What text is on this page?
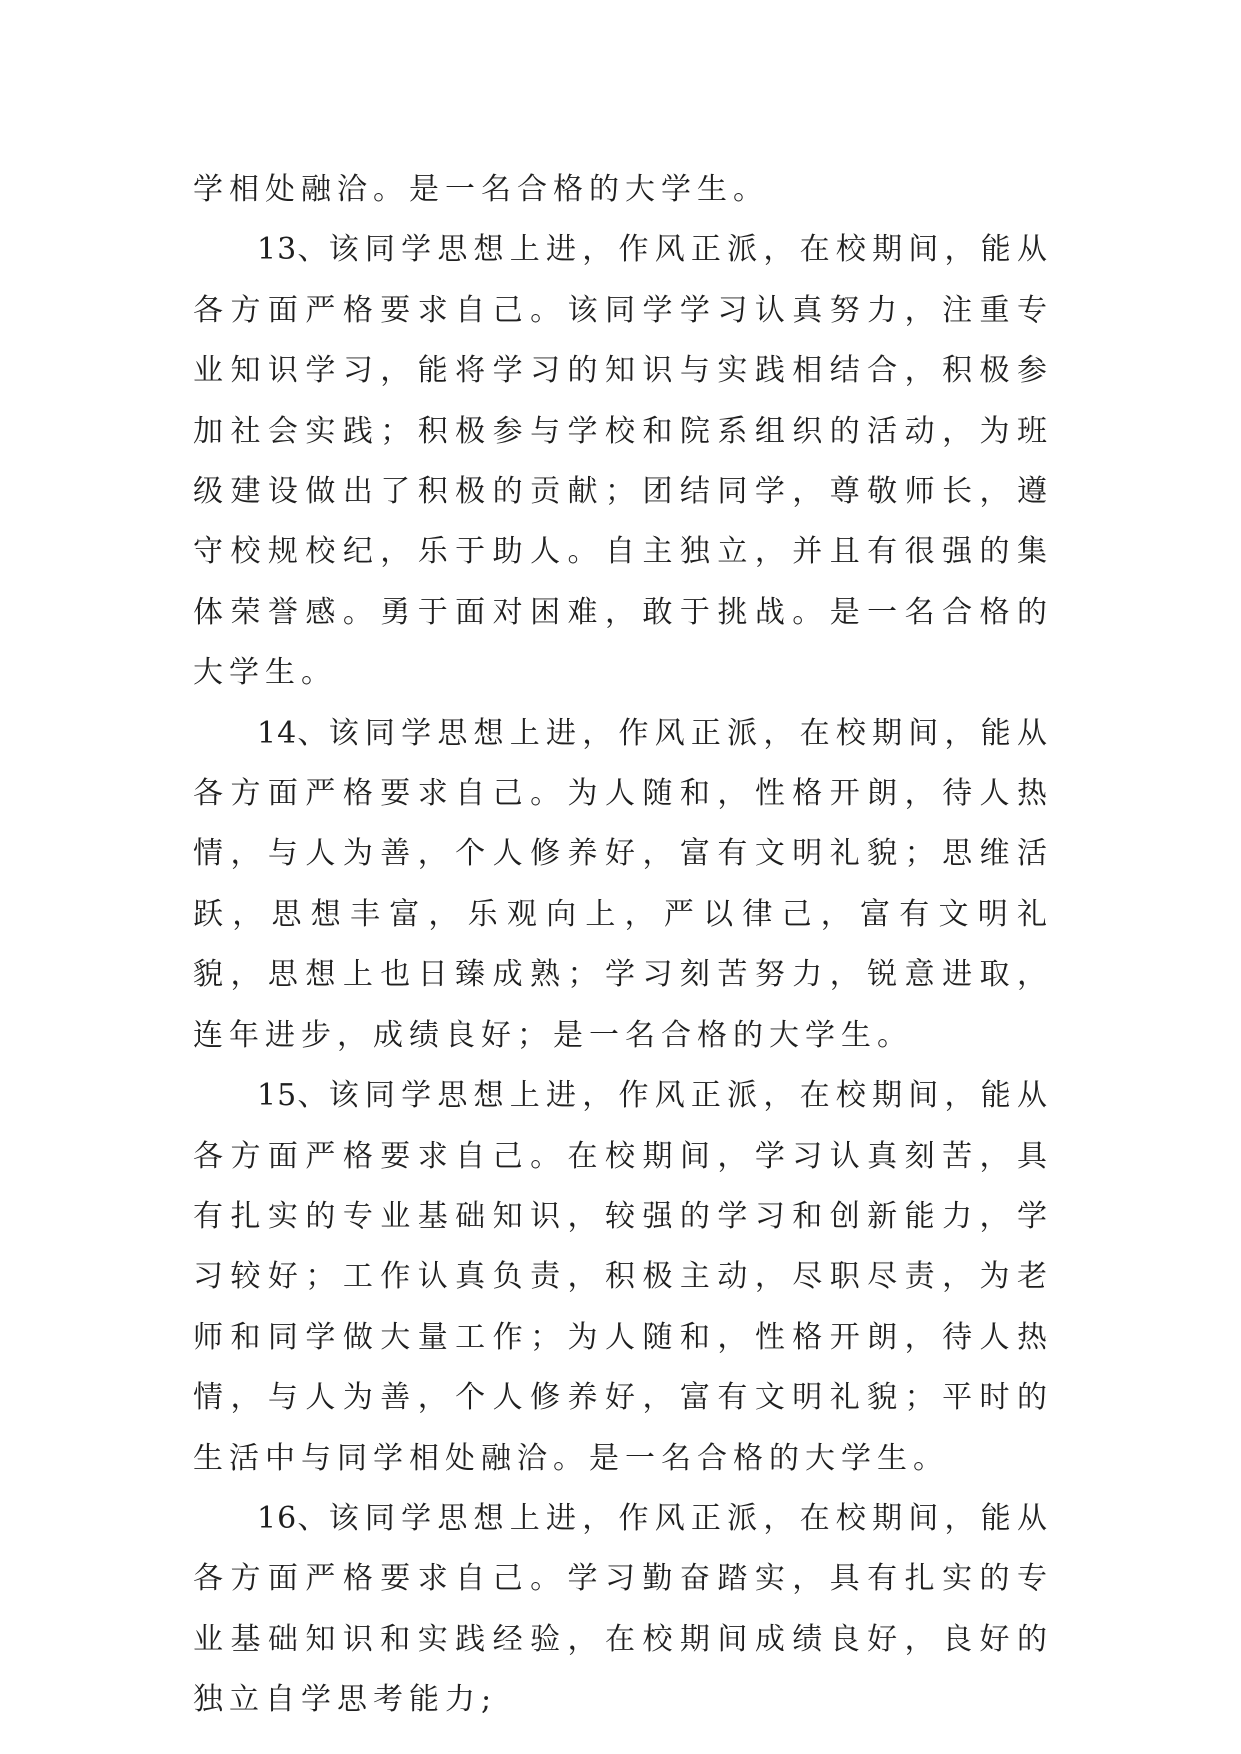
学相处融洽。是一名合格的大学生。

13、该同学思想上进，作风正派，在校期间，能从各方面严格要求自己。该同学学习认真努力，注重专业知识学习，能将学习的知识与实践相结合，积极参加社会实践；积极参与学校和院系组织的活动，为班级建设做出了积极的贡献；团结同学，尊敬师长，遵守校规校纪，乐于助人。自主独立，并且有很强的集体荣誉感。勇于面对困难，敢于挑战。是一名合格的大学生。

14、该同学思想上进，作风正派，在校期间，能从各方面严格要求自己。为人随和，性格开朗，待人热情，与人为善，个人修养好，富有文明礼貌；思维活跃，思想丰富，乐观向上，严以律己，富有文明礼貌，思想上也日臻成熟；学习刻苦努力，锐意进取，连年进步，成绩良好；是一名合格的大学生。

15、该同学思想上进，作风正派，在校期间，能从各方面严格要求自己。在校期间，学习认真刻苦，具有扎实的专业基础知识，较强的学习和创新能力，学习较好；工作认真负责，积极主动，尽职尽责，为老师和同学做大量工作；为人随和，性格开朗，待人热情，与人为善，个人修养好，富有文明礼貌；平时的生活中与同学相处融洽。是一名合格的大学生。

16、该同学思想上进，作风正派，在校期间，能从各方面严格要求自己。学习勤奋踏实，具有扎实的专业基础知识和实践经验，在校期间成绩良好，良好的独立自学思考能力;
